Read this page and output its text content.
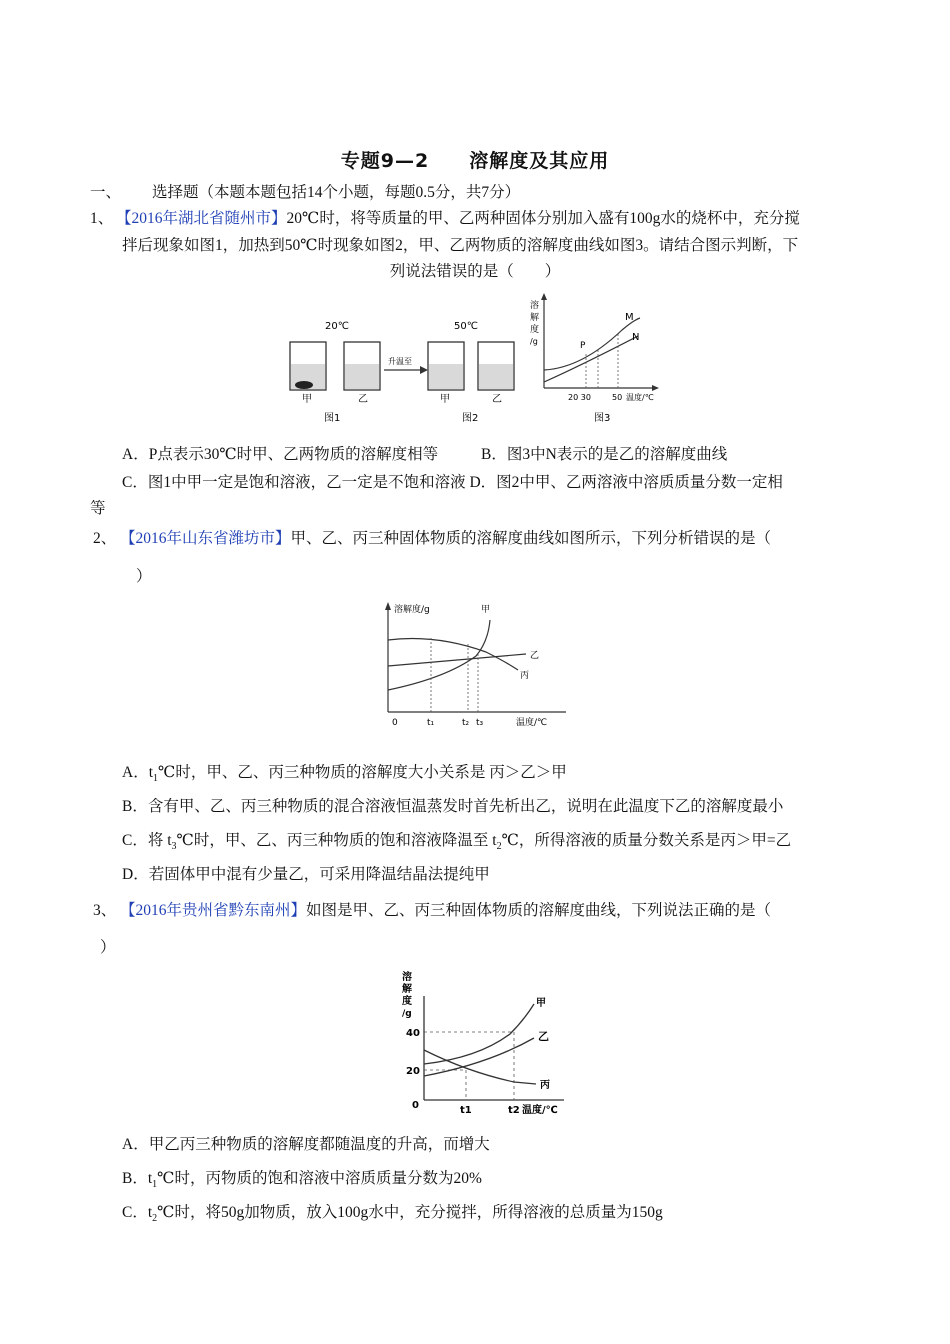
专题9—2　　溶解度及其应用
一、 选择题（本题本题包括14个小题，每题0.5分，共7分）
1、 【2016年湖北省随州市】20℃时，将等质量的甲、乙两种固体分别加入盛有100g水的烧杯中，充分搅
拌后现象如图1，加热到50℃时现象如图2，甲、乙两物质的溶解度曲线如图3。请结合图示判断，下
列说法错误的是（　　）
20℃	50℃
升温至
甲	乙	甲	乙
图1	图2	图3
溶
解
度
/g
M
N
P
20 30	50 温度/℃
A．P点表示30℃时甲、乙两物质的溶解度相等	B．图3中N表示的是乙的溶解度曲线
C．图1中甲一定是饱和溶液，乙一定是不饱和溶液 D．图2中甲、乙两溶液中溶质质量分数一定相
等
2、 【2016年山东省潍坊市】甲、乙、丙三种固体物质的溶解度曲线如图所示，下列分析错误的是（
）
溶解度/g	甲
乙
丙
0	t₁	t₂ t₃	温度/℃
A．$t_1℃$时，甲、乙、丙三种物质的溶解度大小关系是 丙＞乙＞甲
B．含有甲、乙、丙三种物质的混合溶液恒温蒸发时首先析出乙，说明在此温度下乙的溶解度最小
C．将 $t_3℃$时，甲、乙、丙三种物质的饱和溶液降温至 $t_2℃$，所得溶液的质量分数关系是丙＞甲=乙
D．若固体甲中混有少量乙，可采用降温结晶法提纯甲
3、 【2016年贵州省黔东南州】如图是甲、乙、丙三种固体物质的溶解度曲线，下列说法正确的是（
）
溶
解
度
/g
40
20
0
甲
乙
丙
t1	t2 温度/℃
A．甲乙丙三种物质的溶解度都随温度的升高，而增大
B．$t_1℃$时，丙物质的饱和溶液中溶质质量分数为20%
C．$t_2℃$时，将50g加物质，放入100g水中，充分搅拌，所得溶液的总质量为150g
